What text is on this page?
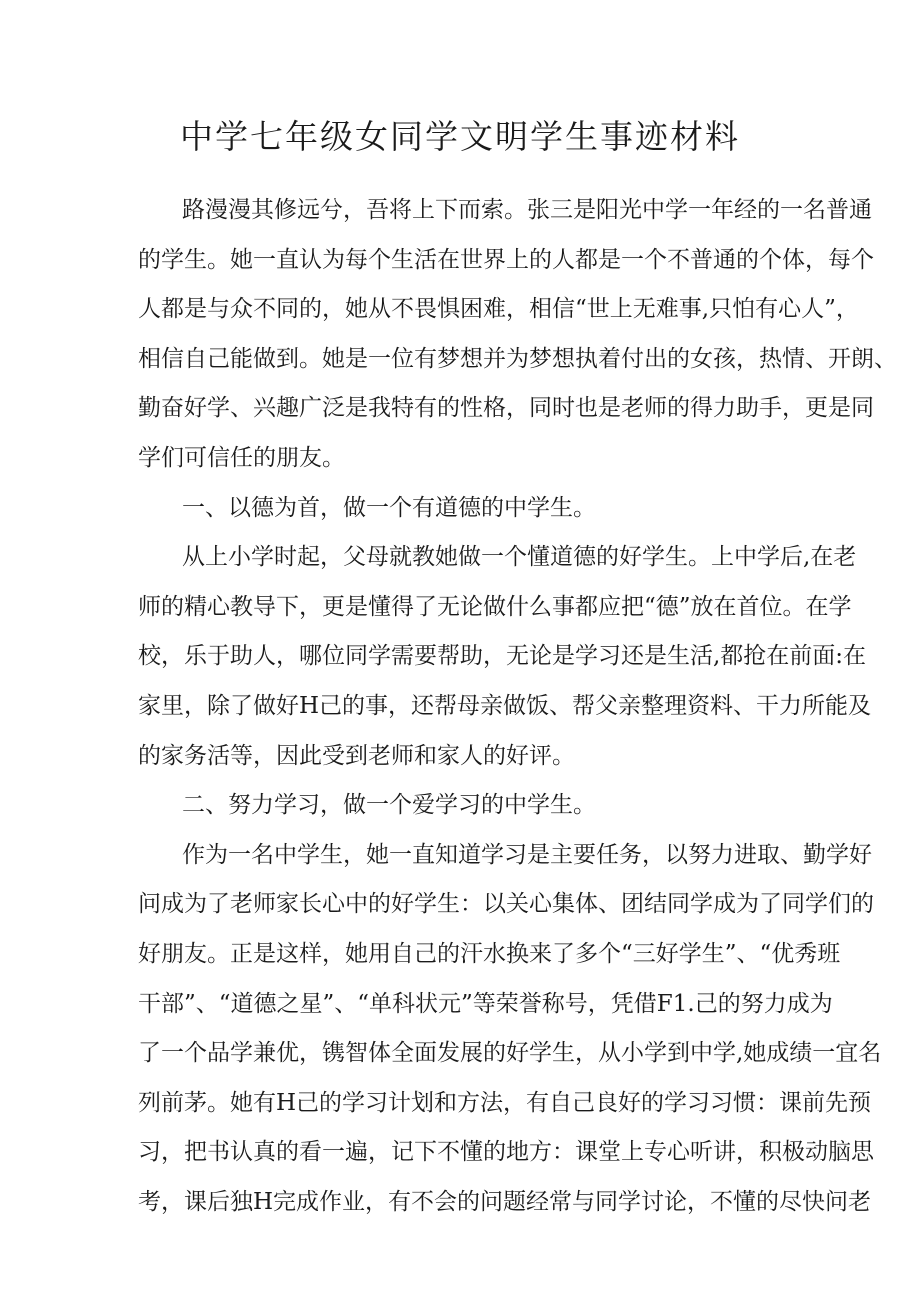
中学七年级女同学文明学生事迹材料
路漫漫其修远兮，吾将上下而索。张三是阳光中学一年经的一名普通
的学生。她一直认为每个生活在世界上的人都是一个不普通的个体，每个
人都是与众不同的，她从不畏惧困难，相信“世上无难事,只怕有心人”，
相信自己能做到。她是一位有梦想并为梦想执着付出的女孩，热情、开朗、
勤奋好学、兴趣广泛是我特有的性格，同时也是老师的得力助手，更是同
学们可信任的朋友。
一、以德为首，做一个有道德的中学生。
从上小学时起，父母就教她做一个懂道德的好学生。上中学后,在老
师的精心教导下，更是懂得了无论做什么事都应把“德”放在首位。在学
校，乐于助人，哪位同学需要帮助，无论是学习还是生活,都抢在前面:在
家里，除了做好H己的事，还帮母亲做饭、帮父亲整理资料、干力所能及
的家务活等，因此受到老师和家人的好评。
二、努力学习，做一个爱学习的中学生。
作为一名中学生，她一直知道学习是主要任务，以努力进取、勤学好
问成为了老师家长心中的好学生：以关心集体、团结同学成为了同学们的
好朋友。正是这样，她用自己的汗水换来了多个“三好学生”、“优秀班
干部”、“道德之星”、“单科状元”等荣誉称号，凭借F1.己的努力成为
了一个品学兼优，镌智体全面发展的好学生，从小学到中学,她成绩一宜名
列前茅。她有H己的学习计划和方法，有自己良好的学习习惯：课前先预
习，把书认真的看一遍，记下不懂的地方：课堂上专心听讲，积极动脑思
考，课后独H完成作业，有不会的问题经常与同学讨论，不懂的尽快问老
